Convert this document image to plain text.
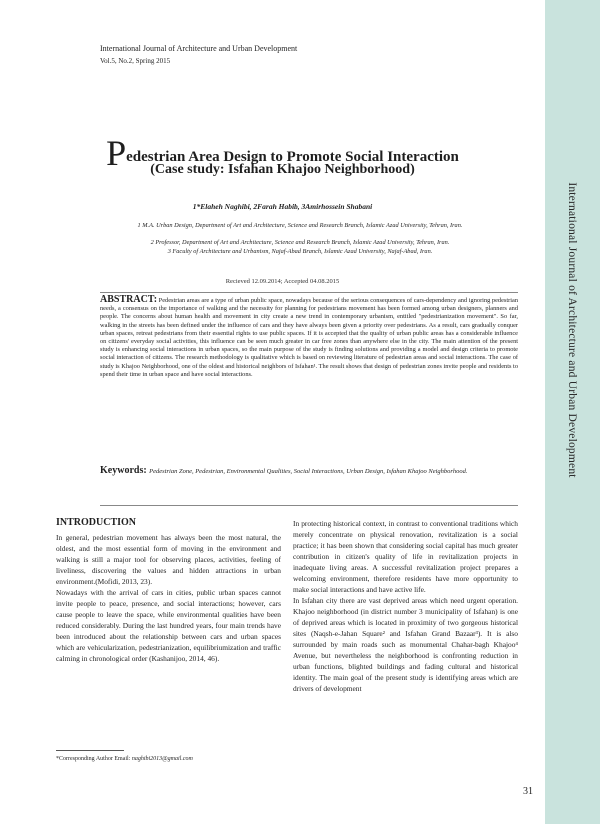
International Journal of Architecture and Urban Development
International Journal of Architecture and Urban Development
Vol.5, No.2, Spring 2015
Pedestrian Area Design to Promote Social Interaction
(Case study: Isfahan Khajoo Neighborhood)
1*Elaheh Naghibi, 2Farah Habib, 3Amirhossein Shabani
1 M.A. Urban Design, Department of Art and Architecture, Science and Research Branch, Islamic Azad University, Tehran, Iran.
2 Professor, Department of Art and Architecture, Science and Research Branch, Islamic Azad University, Tehran, Iran.
3 Faculty of Architecture and Urbanism, Najaf-Abad Branch, Islamic Azad University, Najaf-Abad, Iran.
Recieved 12.09.2014; Accepted 04.08.2015
ABSTRACT: Pedestrian areas are a type of urban public space, nowadays because of the serious consequences of cars-dependency and ignoring pedestrian needs, a consensus on the importance of walking and the necessity for planning for pedestrians movement has been formed among urban designers, planners and people. The concerns about human health and movement in city create a new trend in contemporary urbanism, entitled "pedestrianization movement". So far, walking in the streets has been defined under the influence of cars and they have always been given a priority over pedestrians. As a result, cars gradually conquer urban spaces, retreat pedestrians from their essential rights to use public spaces. If it is accepted that the quality of urban public areas has a considerable influence on citizens' everyday social activities, this influence can be seen much greater in car free zones than anywhere else in the city. The main attention of the present study is enhancing social interactions in urban spaces, so the main purpose of the study is finding solutions and providing a model and design criteria to promote social interaction of citizens. The research methodology is qualitative which is based on reviewing literature of pedestrian areas and social interactions. The case of study is Khajoo Neighborhood, one of the oldest and historical neighbors of Isfahan¹. The result shows that design of pedestrian zones invite people and residents to spend their time in urban space and have social interactions.
Keywords: Pedestrian Zone, Pedestrian, Environmental Qualities, Social Interactions, Urban Design, Isfahan Khajoo Neighborhood.
INTRODUCTION

In general, pedestrian movement has always been the most natural, the oldest, and the most essential form of moving in the environment and walking is still a major tool for observing places, activities, feeling of liveliness, discovering the values and hidden attractions in urban environment.(Mofidi, 2013, 23).

Nowadays with the arrival of cars in cities, public urban spaces cannot invite people to peace, presence, and social interactions; however, cars cause people to leave the space, while environmental qualities have been reduced considerably. During the last hundred years, four main trends have been introduced about the relationship between cars and urban spaces which are vehicularization, pedestrianization, equilibriumization and traffic calming in chronological order (Kashanijoo, 2014, 46).

In protecting historical context, in contrast to conventional traditions which merely concentrate on physical renovation, revitalization is a social practice; it has been shown that considering social capital has much greater contribution in citizen's quality of life in revitalization projects in inadequate living areas. A successful revitalization project prepares a welcoming environment, therefore residents have more opportunity to make social interactions and have active life.

In Isfahan city there are vast deprived areas which need urgent operation. Khajoo neighborhood (in district number 3 municipality of Isfahan) is one of deprived areas which is located in proximity of two gorgeous historical sites (Naqsh-e-Jahan Square² and Isfahan Grand Bazaar³). It is also surrounded by main roads such as monumental Chahar-bagh Khajoo⁴ Avenue, but nevertheless the neighborhood is confronting reduction in urban functions, blighted buildings and fading cultural and historical identity. The main goal of the present study is identifying areas which are drivers of development

*Corresponding Author Email: naghibi2013@gmail.com
31
